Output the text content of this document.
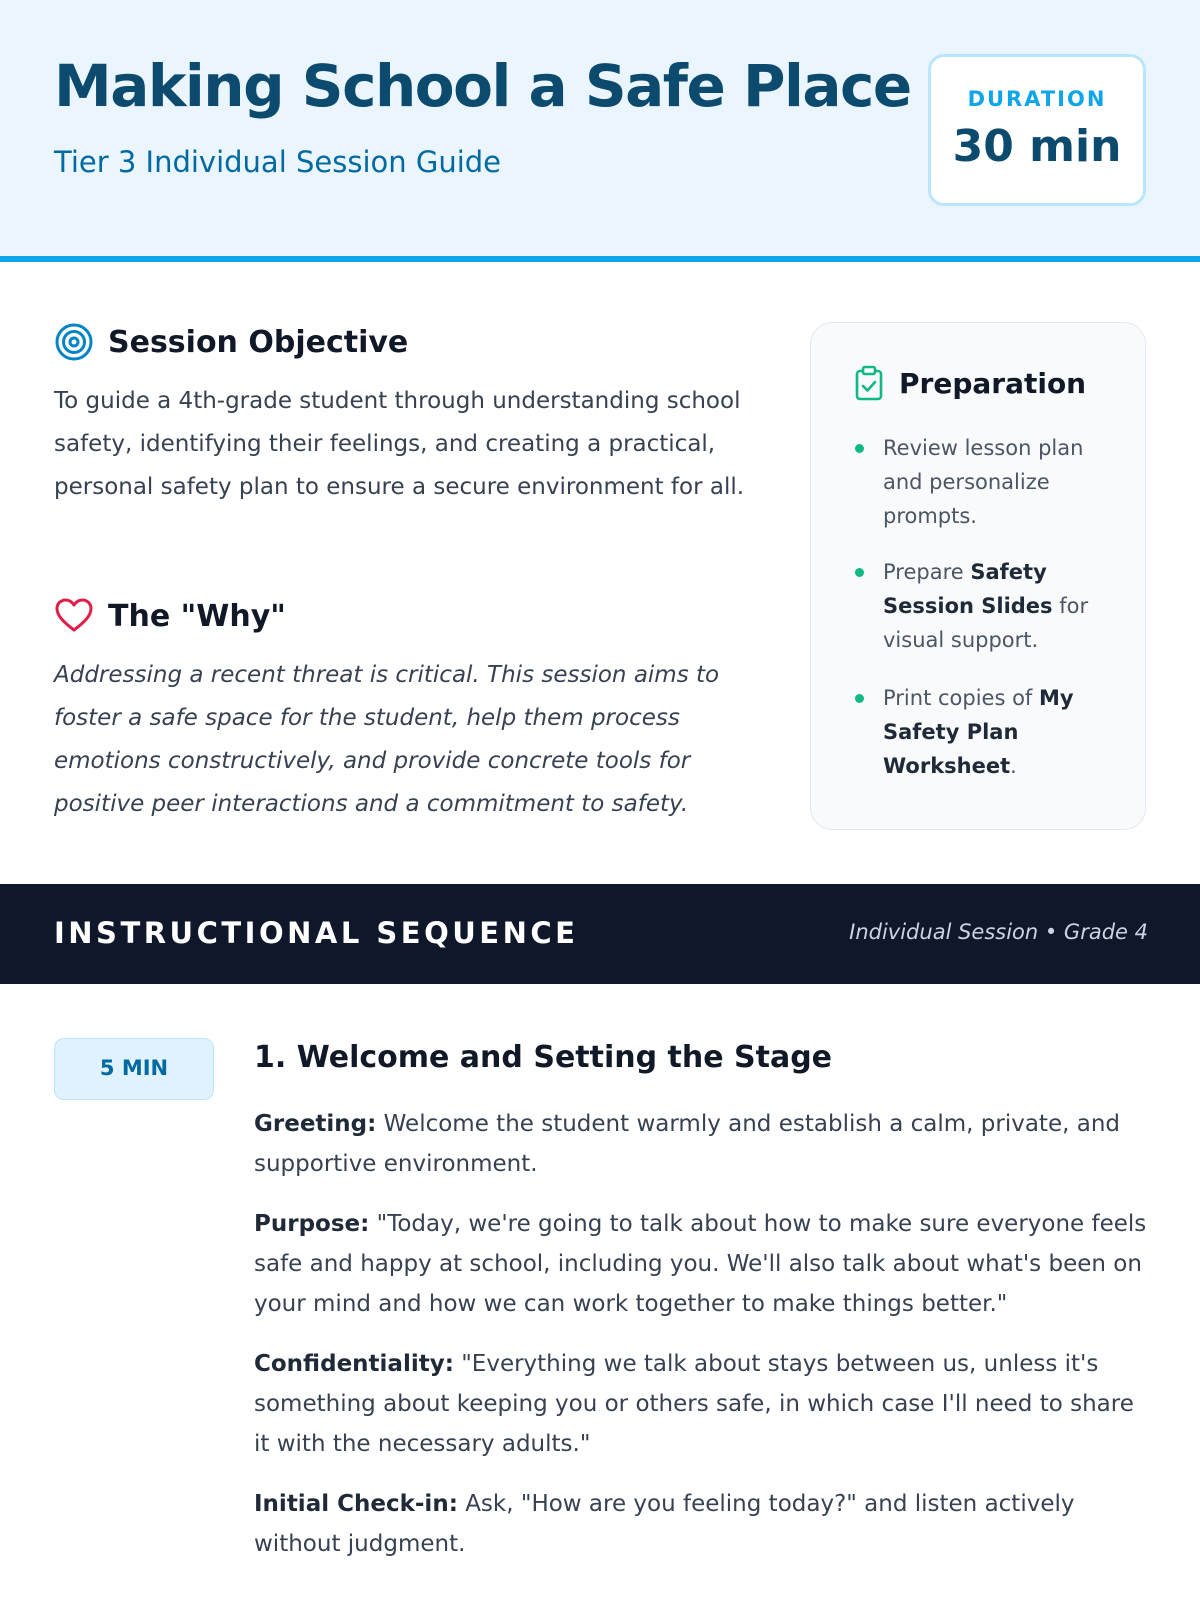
Making School a Safe Place
Tier 3 Individual Session Guide
DURATION
30 min
Session Objective
To guide a 4th-grade student through understanding school safety, identifying their feelings, and creating a practical, personal safety plan to ensure a secure environment for all.
The "Why"
Addressing a recent threat is critical. This session aims to foster a safe space for the student, help them process emotions constructively, and provide concrete tools for positive peer interactions and a commitment to safety.
Preparation
Review lesson plan and personalize prompts.
Prepare Safety Session Slides for visual support.
Print copies of My Safety Plan Worksheet.
INSTRUCTIONAL SEQUENCE	Individual Session • Grade 4
5 MIN	1. Welcome and Setting the Stage
Greeting: Welcome the student warmly and establish a calm, private, and supportive environment.
Purpose: "Today, we're going to talk about how to make sure everyone feels safe and happy at school, including you. We'll also talk about what's been on your mind and how we can work together to make things better."
Confidentiality: "Everything we talk about stays between us, unless it's something about keeping you or others safe, in which case I'll need to share it with the necessary adults."
Initial Check-in: Ask, "How are you feeling today?" and listen actively without judgment.
